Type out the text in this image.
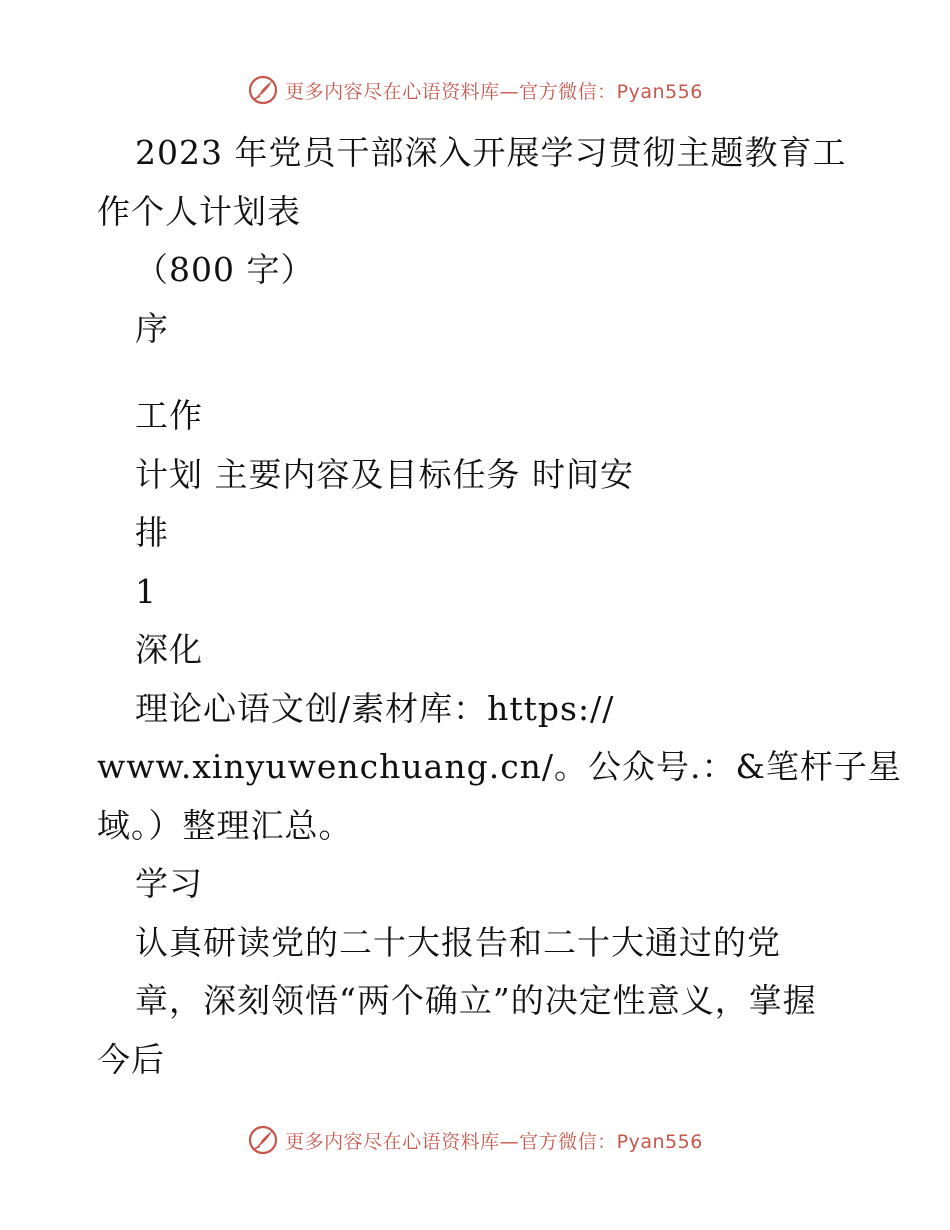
更多内容尽在心语资料库—官方微信：Pyan556
2023 年党员干部深入开展学习贯彻主题教育工
作个人计划表
（800 字）
序
工作
计划 主要内容及目标任务 时间安
排
1
深化
理论心语文创/素材库：https://
www.xinyuwenchuang.cn/。公众号.：&笔杆子星
域。）整理汇总。
学习
认真研读党的二十大报告和二十大通过的党
章，深刻领悟“两个确立”的决定性意义，掌握
今后
更多内容尽在心语资料库—官方微信：Pyan556
